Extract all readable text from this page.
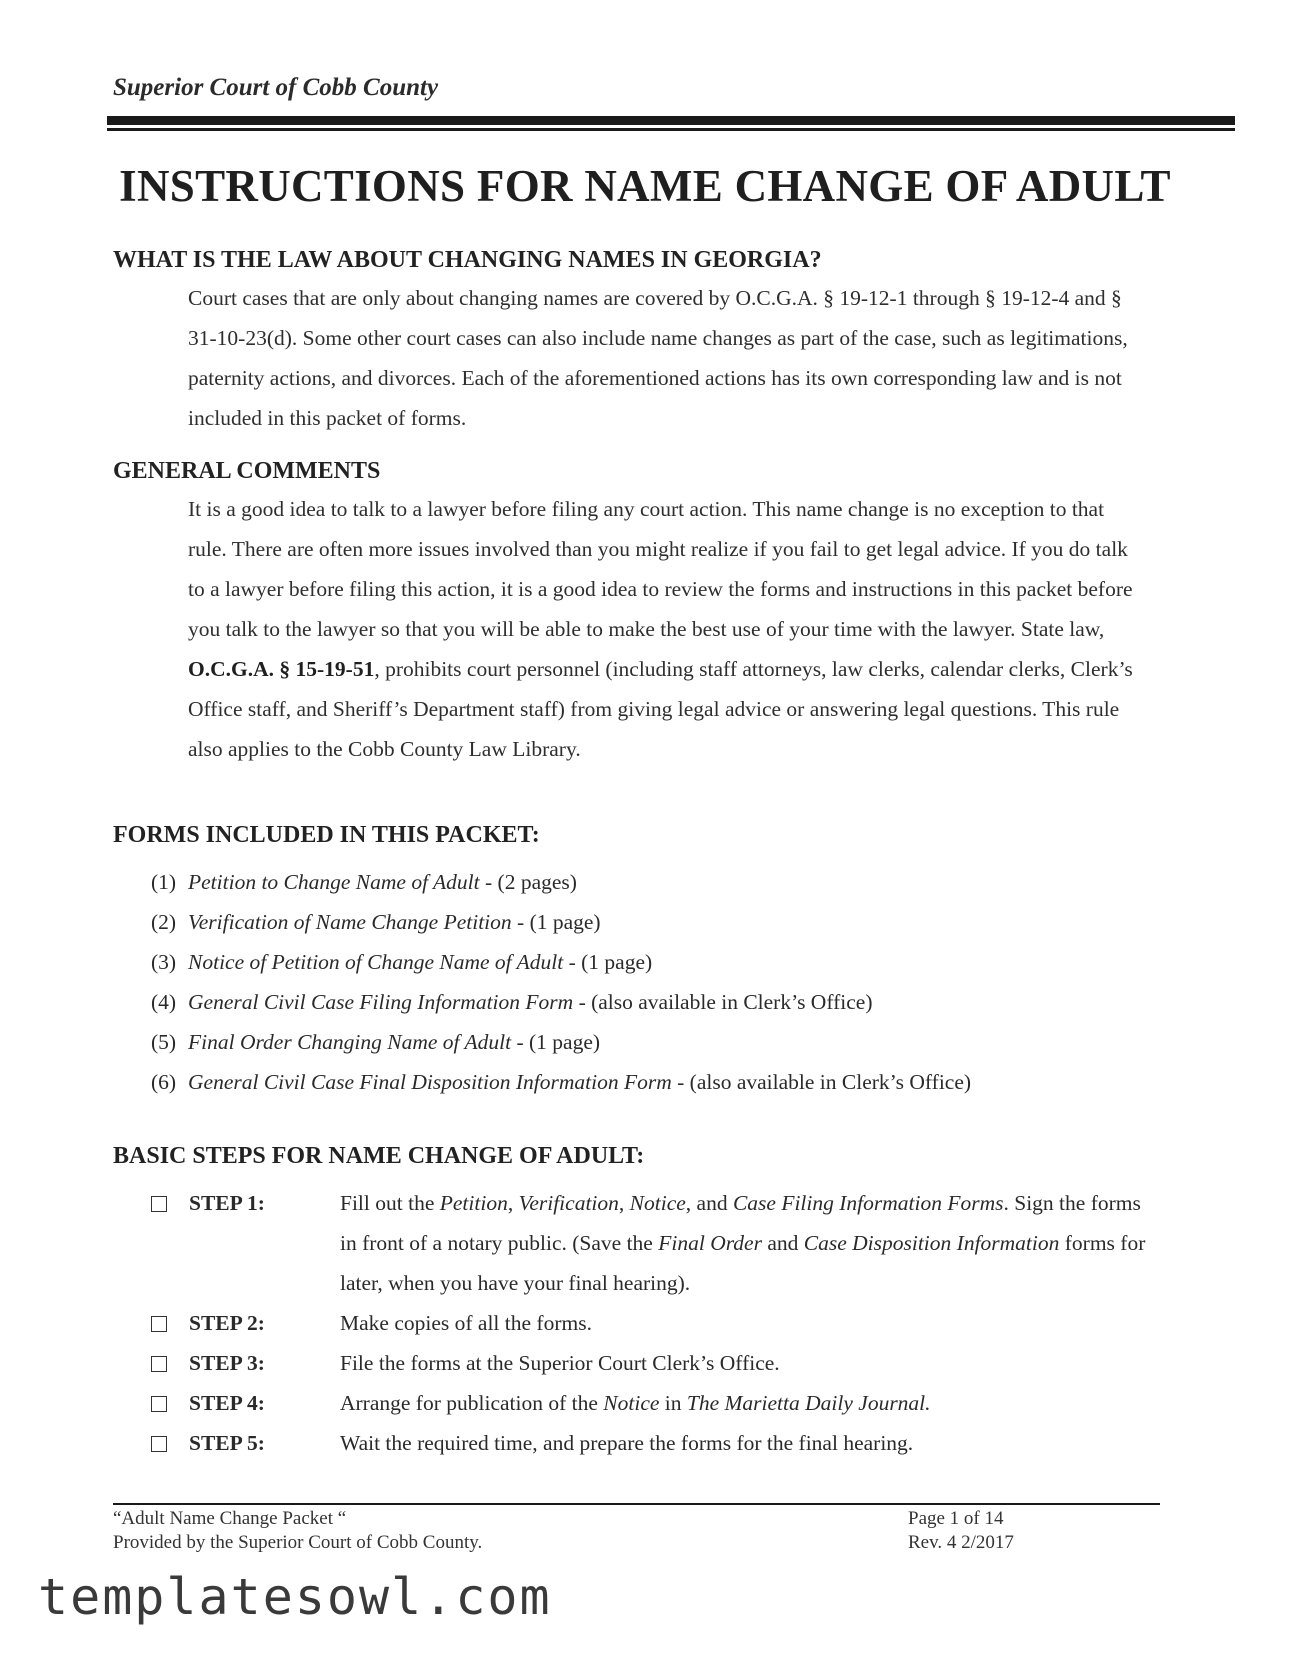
Superior Court of Cobb County
INSTRUCTIONS FOR NAME CHANGE OF ADULT
WHAT IS THE LAW ABOUT CHANGING NAMES IN GEORGIA?
Court cases that are only about changing names are covered by O.C.G.A. § 19-12-1 through § 19-12-4 and § 31-10-23(d). Some other court cases can also include name changes as part of the case, such as legitimations, paternity actions, and divorces. Each of the aforementioned actions has its own corresponding law and is not included in this packet of forms.
GENERAL COMMENTS
It is a good idea to talk to a lawyer before filing any court action. This name change is no exception to that rule. There are often more issues involved than you might realize if you fail to get legal advice. If you do talk to a lawyer before filing this action, it is a good idea to review the forms and instructions in this packet before you talk to the lawyer so that you will be able to make the best use of your time with the lawyer. State law, O.C.G.A. § 15-19-51, prohibits court personnel (including staff attorneys, law clerks, calendar clerks, Clerk’s Office staff, and Sheriff’s Department staff) from giving legal advice or answering legal questions. This rule also applies to the Cobb County Law Library.
FORMS INCLUDED IN THIS PACKET:
(1) Petition to Change Name of Adult - (2 pages)
(2) Verification of Name Change Petition - (1 page)
(3) Notice of Petition of Change Name of Adult - (1 page)
(4) General Civil Case Filing Information Form - (also available in Clerk’s Office)
(5) Final Order Changing Name of Adult - (1 page)
(6) General Civil Case Final Disposition Information Form - (also available in Clerk’s Office)
BASIC STEPS FOR NAME CHANGE OF ADULT:
STEP 1:	Fill out the Petition, Verification, Notice, and Case Filing Information Forms. Sign the forms in front of a notary public. (Save the Final Order and Case Disposition Information forms for later, when you have your final hearing).
STEP 2:	Make copies of all the forms.
STEP 3:	File the forms at the Superior Court Clerk’s Office.
STEP 4:	Arrange for publication of the Notice in The Marietta Daily Journal.
STEP 5:	Wait the required time, and prepare the forms for the final hearing.
“Adult Name Change Packet “
Provided by the Superior Court of Cobb County.
Page 1 of 14
Rev. 4 2/2017
templatesowl.com
